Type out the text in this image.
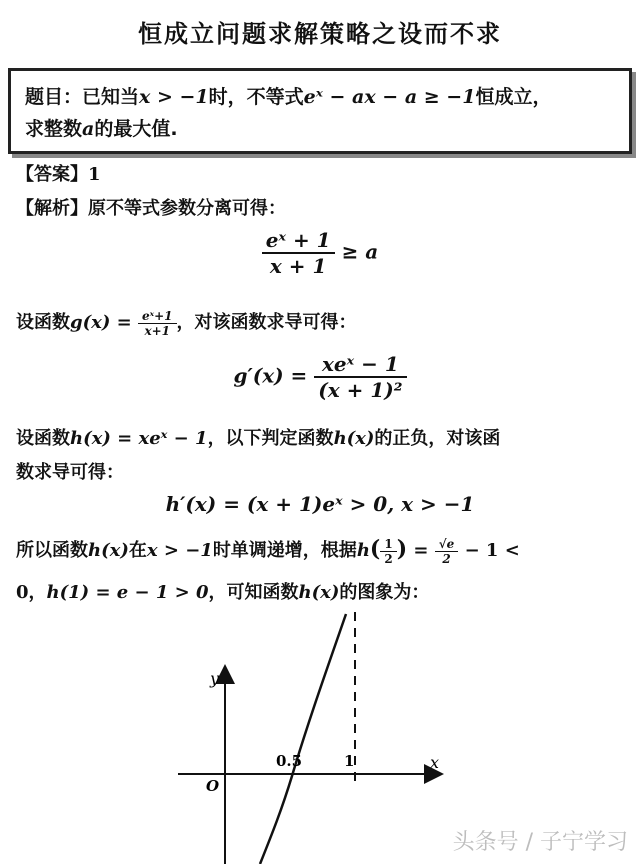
恒成立问题求解策略之设而不求
题目：已知当x > −1时，不等式eˣ − ax − a ≥ −1恒成立，
求整数a的最大值.
【答案】1
【解析】原不等式参数分离可得：
$\frac{\text{eˣ + 1}}{x + 1} \ge a$
设函数$g(x) = \frac{\text{eˣ+1}}{x+1}$ ，对该函数求导可得：
$g'(x) = \frac{\text{xeˣ − 1}}{\text{(x + 1)²}}$
设函数h(x) = xeˣ − 1，以下判定函数h(x)的正负，对该函
数求导可得：
h′(x) = (x + 1)eˣ > 0, x > −1
所以函数h(x)在x > −1时单调递增，根据$h( \frac{1}{2}$ ) = $\frac{√e}{2} - 1$ <
0，h(1) = e − 1 > 0，可知函数h(x)的图象为：
y
x
O
0.5	1
头条号 / 子宁学习
